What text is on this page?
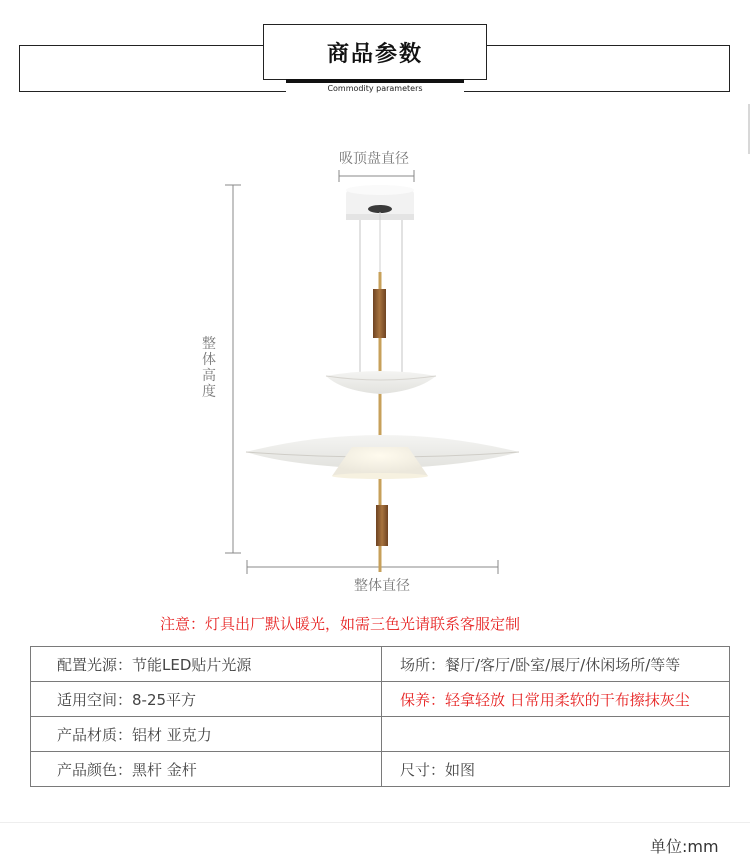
商品参数
Commodity parameters
吸顶盘直径
整
体
高
度
整体直径
注意：灯具出厂默认暖光，如需三色光请联系客服定制
配置光源：节能LED贴片光源	场所：餐厅/客厅/卧室/展厅/休闲场所/等等
适用空间：8-25平方	保养：轻拿轻放 日常用柔软的干布擦抹灰尘
产品材质：铝材 亚克力	
产品颜色：黑杆 金杆	尺寸：如图
单位:mm
